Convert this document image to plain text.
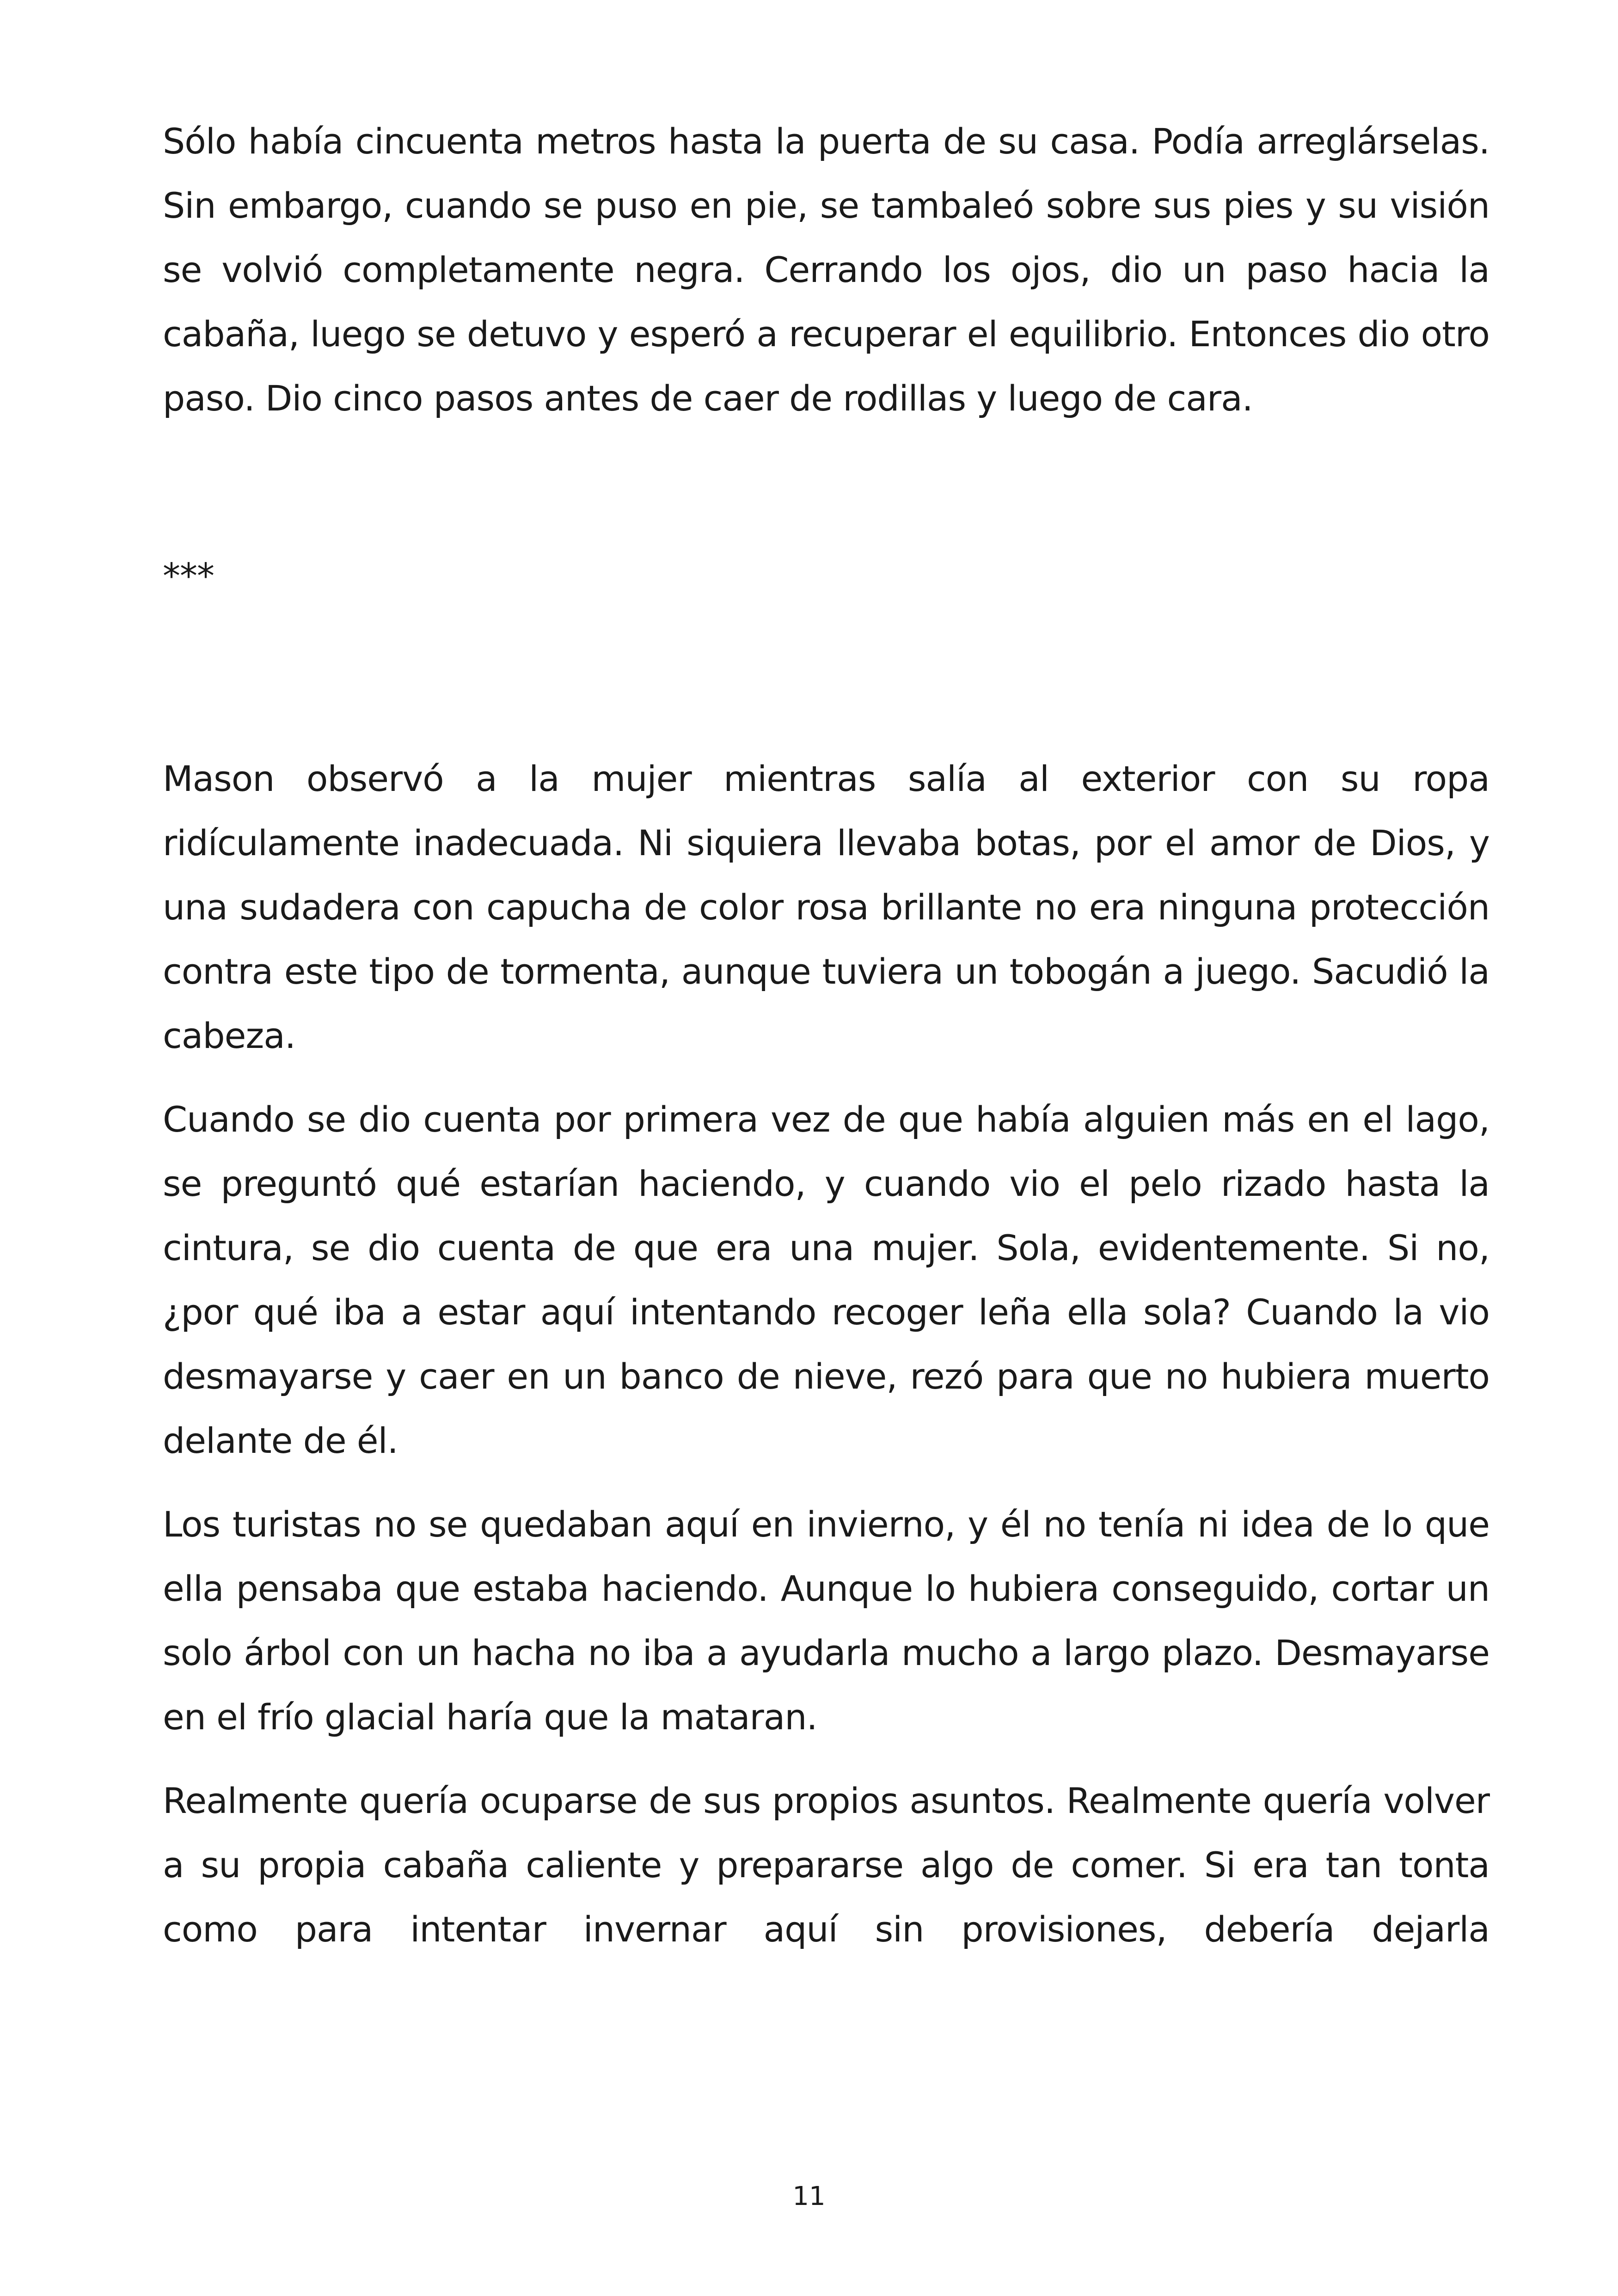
Sólo había cincuenta metros hasta la puerta de su casa. Podía arreglárselas. Sin embargo, cuando se puso en pie, se tambaleó sobre sus pies y su visión se volvió completamente negra. Cerrando los ojos, dio un paso hacia la cabaña, luego se detuvo y esperó a recuperar el equilibrio. Entonces dio otro paso. Dio cinco pasos antes de caer de rodillas y luego de cara.

***

Mason observó a la mujer mientras salía al exterior con su ropa ridículamente inadecuada. Ni siquiera llevaba botas, por el amor de Dios, y una sudadera con capucha de color rosa brillante no era ninguna protección contra este tipo de tormenta, aunque tuviera un tobogán a juego. Sacudió la cabeza.

Cuando se dio cuenta por primera vez de que había alguien más en el lago, se preguntó qué estarían haciendo, y cuando vio el pelo rizado hasta la cintura, se dio cuenta de que era una mujer. Sola, evidentemente. Si no, ¿por qué iba a estar aquí intentando recoger leña ella sola? Cuando la vio desmayarse y caer en un banco de nieve, rezó para que no hubiera muerto delante de él.

Los turistas no se quedaban aquí en invierno, y él no tenía ni idea de lo que ella pensaba que estaba haciendo. Aunque lo hubiera conseguido, cortar un solo árbol con un hacha no iba a ayudarla mucho a largo plazo. Desmayarse en el frío glacial haría que la mataran.

Realmente quería ocuparse de sus propios asuntos. Realmente quería volver a su propia cabaña caliente y prepararse algo de comer. Si era tan tonta como para intentar invernar aquí sin provisiones, debería dejarla

11
